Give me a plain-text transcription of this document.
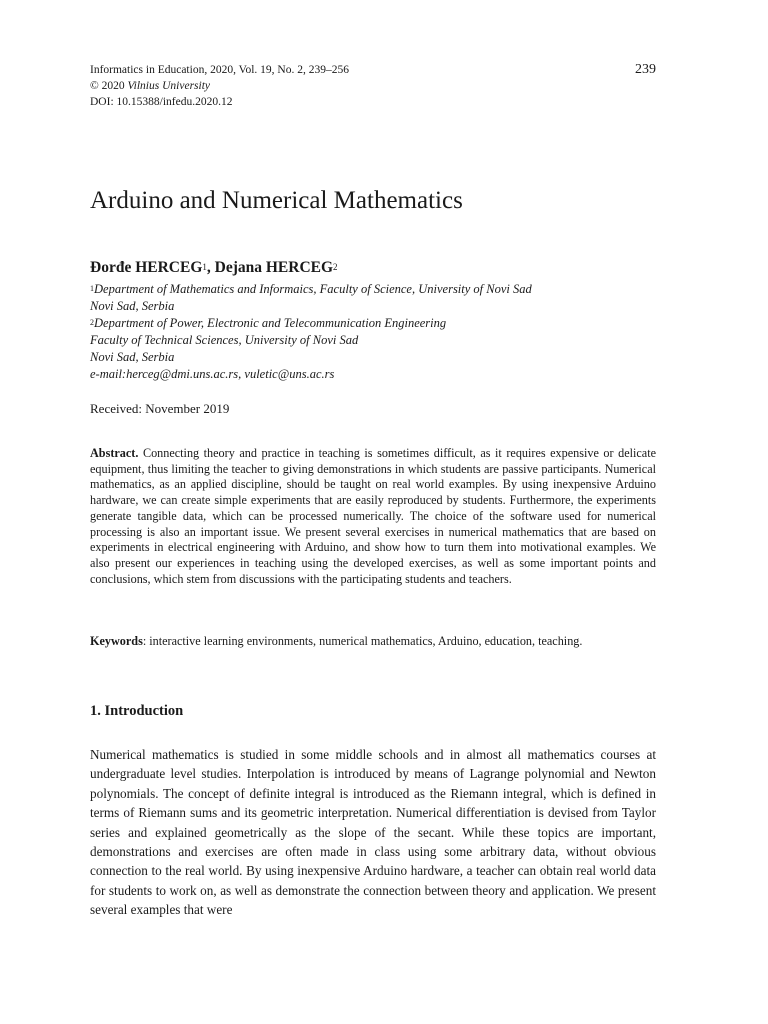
239
Informatics in Education, 2020, Vol. 19, No. 2, 239–256
© 2020 Vilnius University
DOI: 10.15388/infedu.2020.12
Arduino and Numerical Mathematics
Đorđe HERCEG$^1$, Dejana HERCEG$^2$
$^1$Department of Mathematics and Informaics, Faculty of Science, University of Novi Sad
Novi Sad, Serbia
$^2$Department of Power, Electronic and Telecommunication Engineering
Faculty of Technical Sciences, University of Novi Sad
Novi Sad, Serbia
e-mail:herceg@dmi.uns.ac.rs, vuletic@uns.ac.rs
Received: November 2019

Abstract. Connecting theory and practice in teaching is sometimes difficult, as it requires expensive or delicate equipment, thus limiting the teacher to giving demonstrations in which students are passive participants. Numerical mathematics, as an applied discipline, should be taught on real world examples. By using inexpensive Arduino hardware, we can create simple experiments that are easily reproduced by students. Furthermore, the experiments generate tangible data, which can be processed numerically. The choice of the software used for numerical processing is also an important issue. We present several exercises in numerical mathematics that are based on experiments in electrical engineering with Arduino, and show how to turn them into motivational examples. We also present our experiences in teaching using the developed exercises, as well as some important points and conclusions, which stem from discussions with the participating students and teachers.

Keywords: interactive learning environments, numerical mathematics, Arduino, education, teaching.

1. Introduction

Numerical mathematics is studied in some middle schools and in almost all mathematics courses at undergraduate level studies. Interpolation is introduced by means of Lagrange polynomial and Newton polynomials. The concept of definite integral is introduced as the Riemann integral, which is defined in terms of Riemann sums and its geometric interpretation. Numerical differentiation is devised from Taylor series and explained geometrically as the slope of the secant. While these topics are important, demonstrations and exercises are often made in class using some arbitrary data, without obvious connection to the real world. By using inexpensive Arduino hardware, a teacher can obtain real world data for students to work on, as well as demonstrate the connection between theory and application. We present several examples that were
